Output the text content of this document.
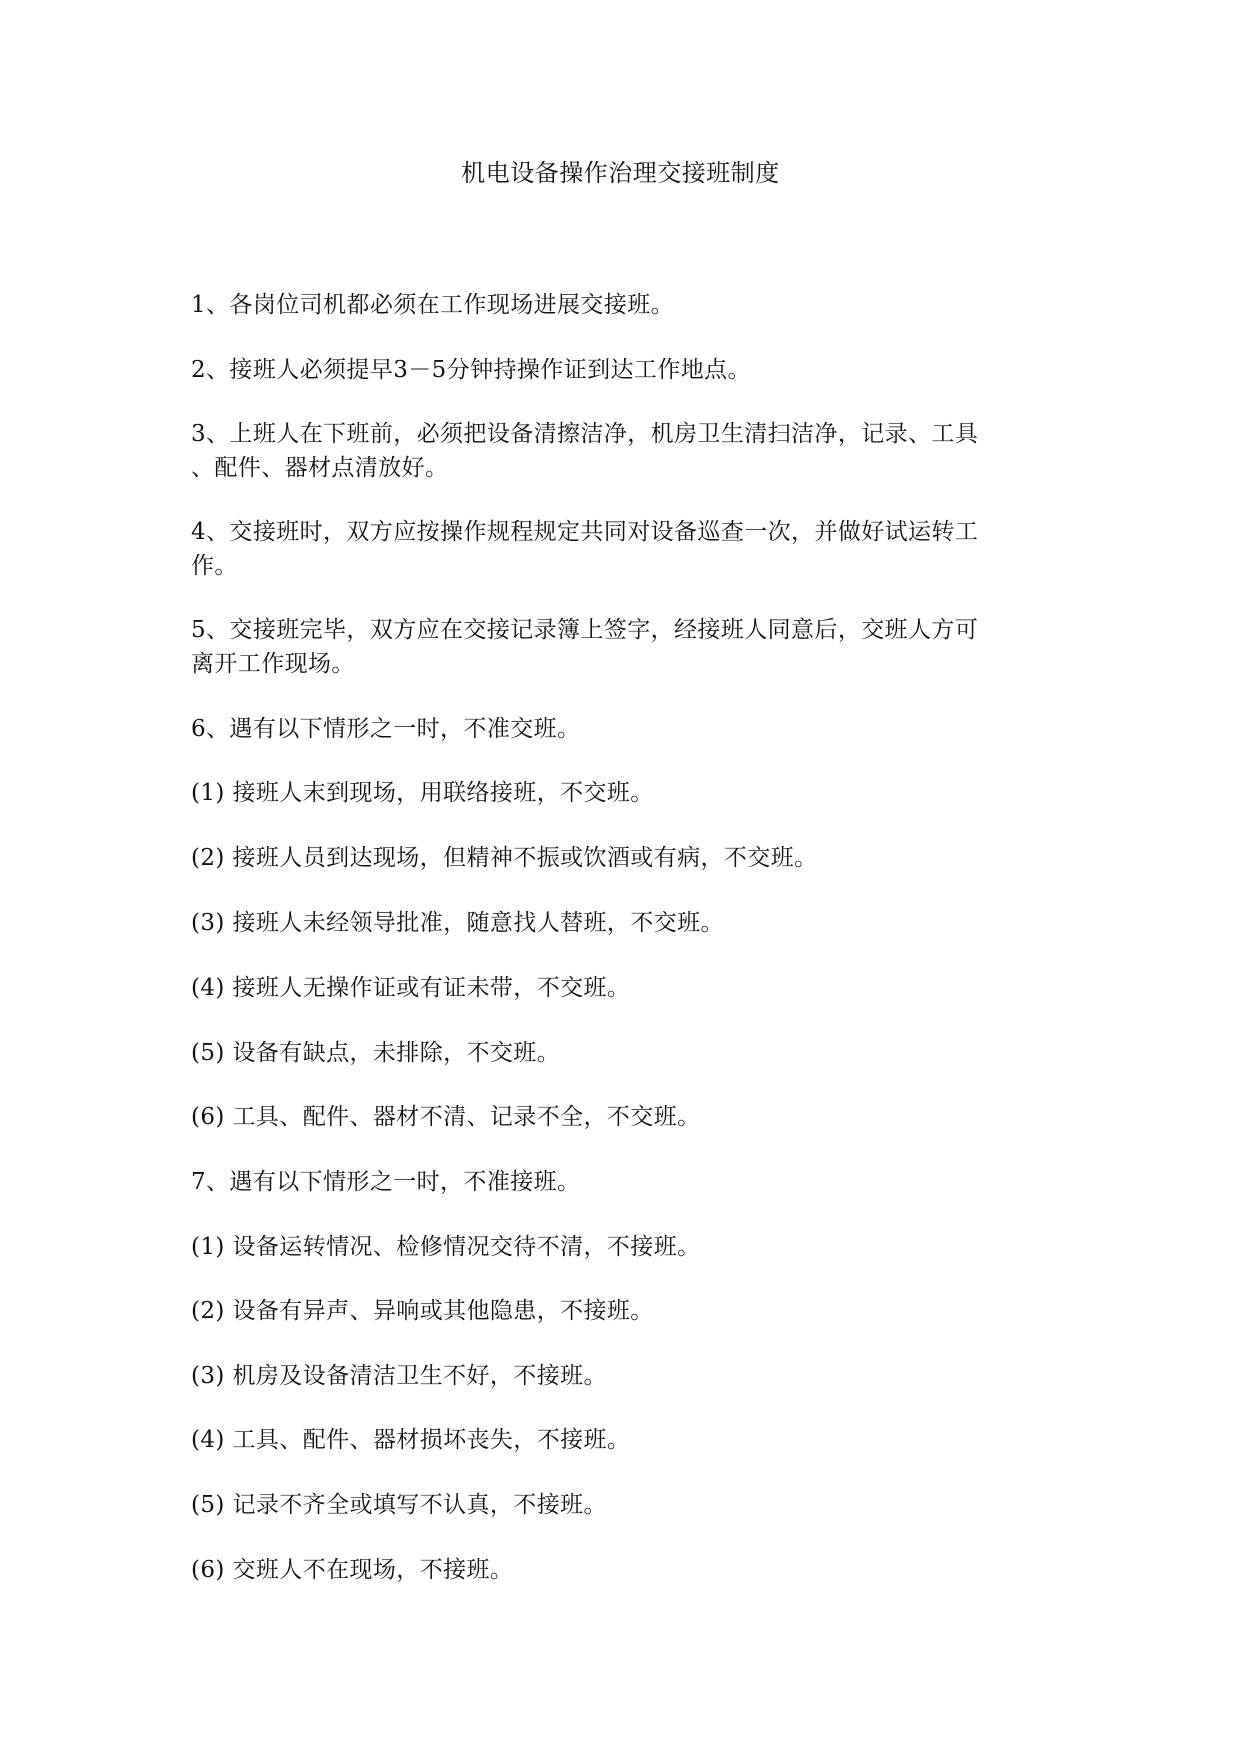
机电设备操作治理交接班制度
1、各岗位司机都必须在工作现场进展交接班。
2、接班人必须提早3－5分钟持操作证到达工作地点。
3、上班人在下班前，必须把设备清擦洁净，机房卫生清扫洁净，记录、工具
、配件、器材点清放好。
4、交接班时，双方应按操作规程规定共同对设备巡查一次，并做好试运转工
作。
5、交接班完毕，双方应在交接记录簿上签字，经接班人同意后，交班人方可
离开工作现场。
6、遇有以下情形之一时，不准交班。
(1) 接班人末到现场，用联络接班，不交班。
(2) 接班人员到达现场，但精神不振或饮酒或有病，不交班。
(3) 接班人未经领导批准，随意找人替班，不交班。
(4) 接班人无操作证或有证未带，不交班。
(5) 设备有缺点，未排除，不交班。
(6) 工具、配件、器材不清、记录不全，不交班。
7、遇有以下情形之一时，不准接班。
(1) 设备运转情况、检修情况交待不清，不接班。
(2) 设备有异声、异响或其他隐患，不接班。
(3) 机房及设备清洁卫生不好，不接班。
(4) 工具、配件、器材损坏丧失，不接班。
(5) 记录不齐全或填写不认真，不接班。
(6) 交班人不在现场，不接班。
